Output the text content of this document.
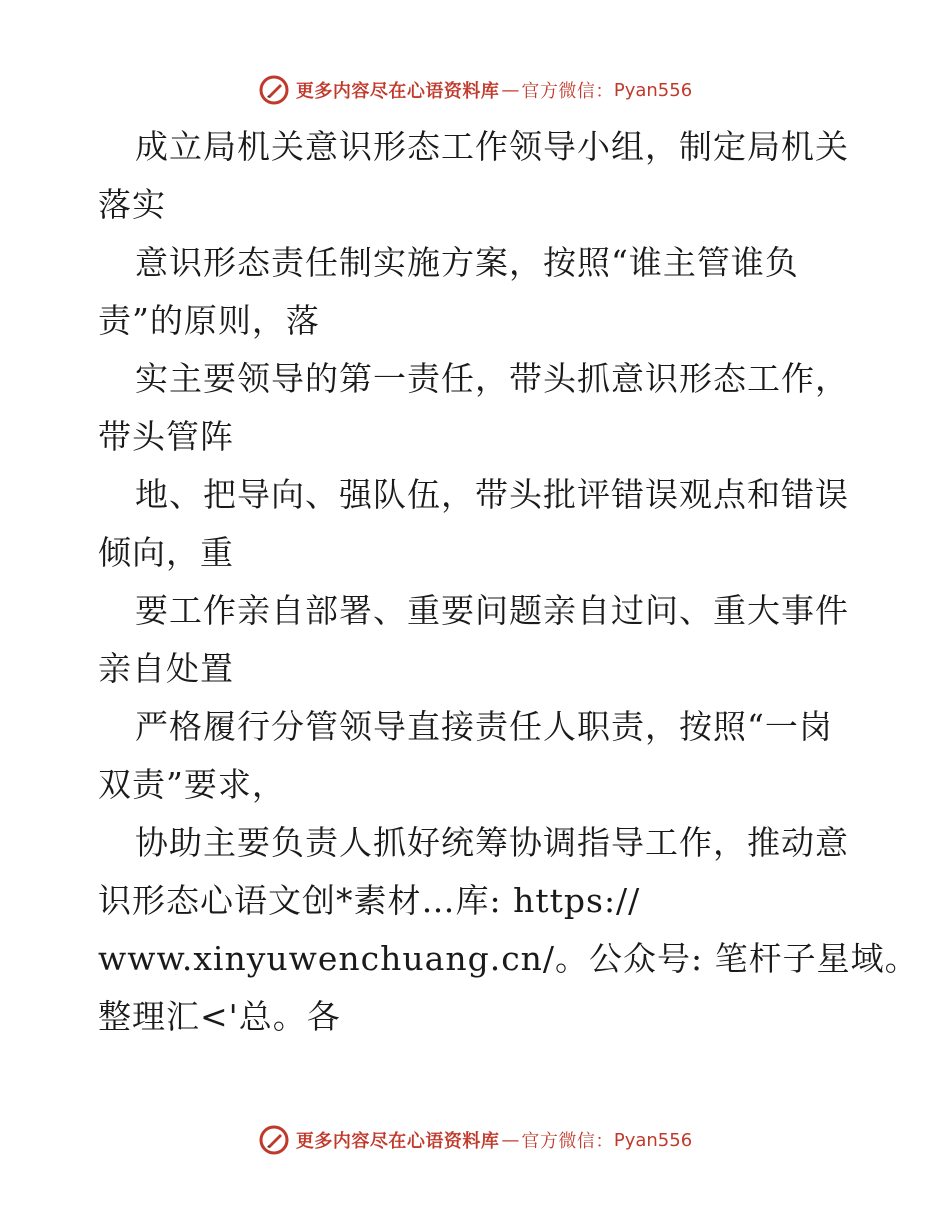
更多内容尽在心语资料库 — 官方微信： Pyan556
成立局机关意识形态工作领导小组，制定局机关
落实
意识形态责任制实施方案，按照“谁主管谁负
责”的原则，落
实主要领导的第一责任，带头抓意识形态工作，
带头管阵
地、把导向、强队伍，带头批评错误观点和错误
倾向，重
要工作亲自部署、重要问题亲自过问、重大事件
亲自处置
严格履行分管领导直接责任人职责，按照“一岗
双责”要求，
协助主要负责人抓好统筹协调指导工作，推动意
识形态心语文创*素材…库: https://
www.xinyuwenchuang.cn/。公众号: 笔杆子星域。
整理汇<'总。各
更多内容尽在心语资料库 — 官方微信： Pyan556
